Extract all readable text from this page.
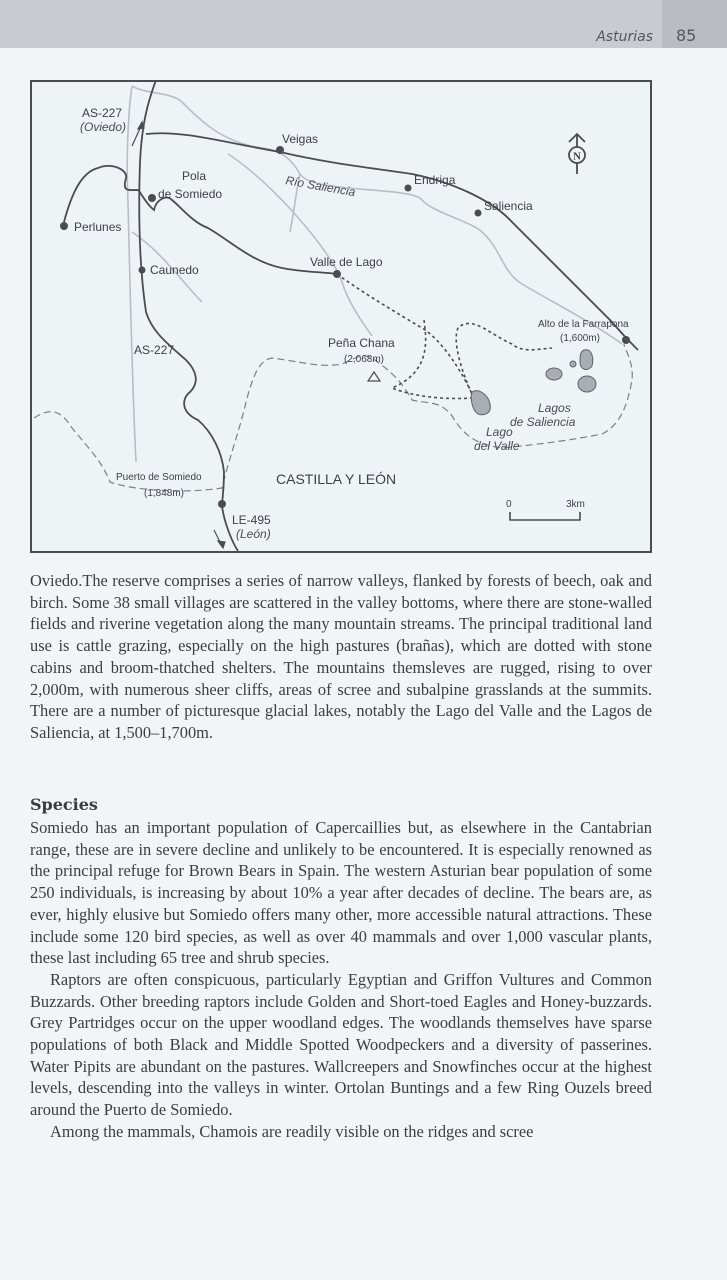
Asturias 85
N
AS-227
(Oviedo)
Veigas
Pola
de Somiedo
Perlunes
Río Saliencia	Endriga
Saliencia
Caunedo
Valle de Lago
Alto de la Farrapona
(1,600m)
AS-227	Peña Chana
(2,068m)
Lagos
de Saliencia
Lago
del Valle
Puerto de Somiedo
(1,848m)
CASTILLA Y LEÓN
LE-495
(León)
0	3km

Oviedo.The reserve comprises a series of narrow valleys, flanked by forests of beech, oak and birch. Some 38 small villages are scattered in the valley bottoms, where there are stone-walled fields and riverine vegetation along the many mountain streams. The principal traditional land use is cattle grazing, especially on the high pastures (brañas), which are dotted with stone cabins and broom-thatched shelters. The mountains themsleves are rugged, rising to over 2,000m, with numerous sheer cliffs, areas of scree and subalpine grasslands at the summits. There are a number of picturesque glacial lakes, notably the Lago del Valle and the Lagos de Saliencia, at 1,500–1,700m.

Species

Somiedo has an important population of Capercaillies but, as elsewhere in the Cantabrian range, these are in severe decline and unlikely to be encountered. It is especially renowned as the principal refuge for Brown Bears in Spain. The western Asturian bear population of some 250 individuals, is increasing by about 10% a year after decades of decline. The bears are, as ever, highly elusive but Somiedo offers many other, more accessible natural attractions. These include some 120 bird species, as well as over 40 mammals and over 1,000 vascular plants, these last including 65 tree and shrub species.

Raptors are often conspicuous, particularly Egyptian and Griffon Vultures and Common Buzzards. Other breeding raptors include Golden and Short-toed Eagles and Honey-buzzards. Grey Partridges occur on the upper woodland edges. The woodlands themselves have sparse populations of both Black and Middle Spotted Woodpeckers and a diversity of passerines. Water Pipits are abundant on the pastures. Wallcreepers and Snowfinches occur at the highest levels, descending into the valleys in winter. Ortolan Buntings and a few Ring Ouzels breed around the Puerto de Somiedo.

Among the mammals, Chamois are readily visible on the ridges and scree
